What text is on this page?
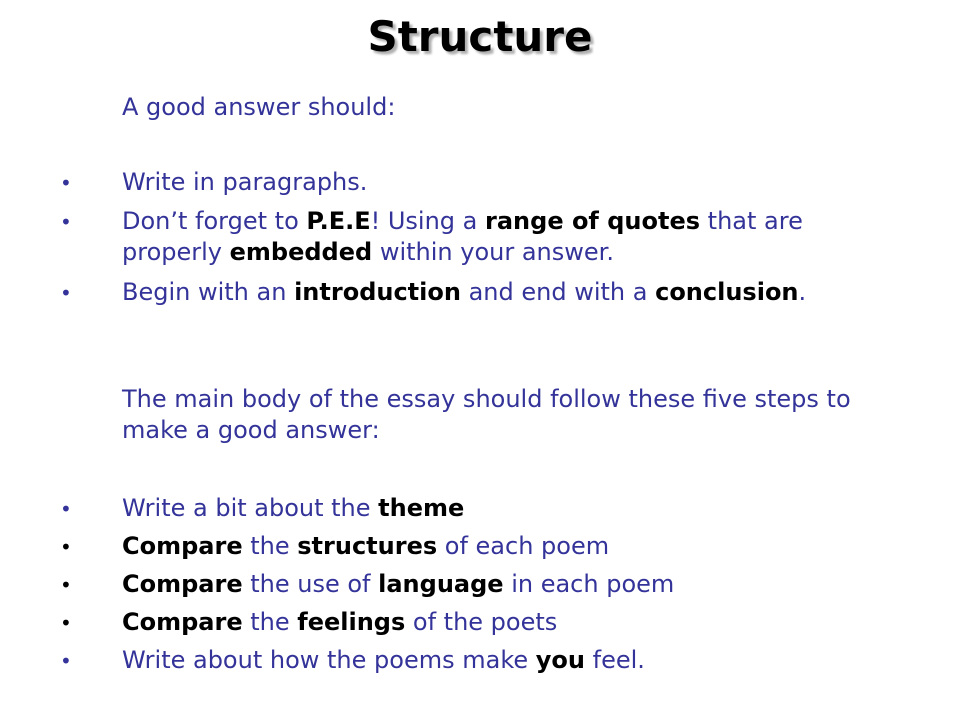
Structure
A good answer should:
• Write in paragraphs.
• Don’t forget to P.E.E! Using a range of quotes that are properly embedded within your answer.
• Begin with an introduction and end with a conclusion.
The main body of the essay should follow these five steps to make a good answer:
• Write a bit about the theme
• Compare the structures of each poem
• Compare the use of language in each poem
• Compare the feelings of the poets
• Write about how the poems make you feel.
